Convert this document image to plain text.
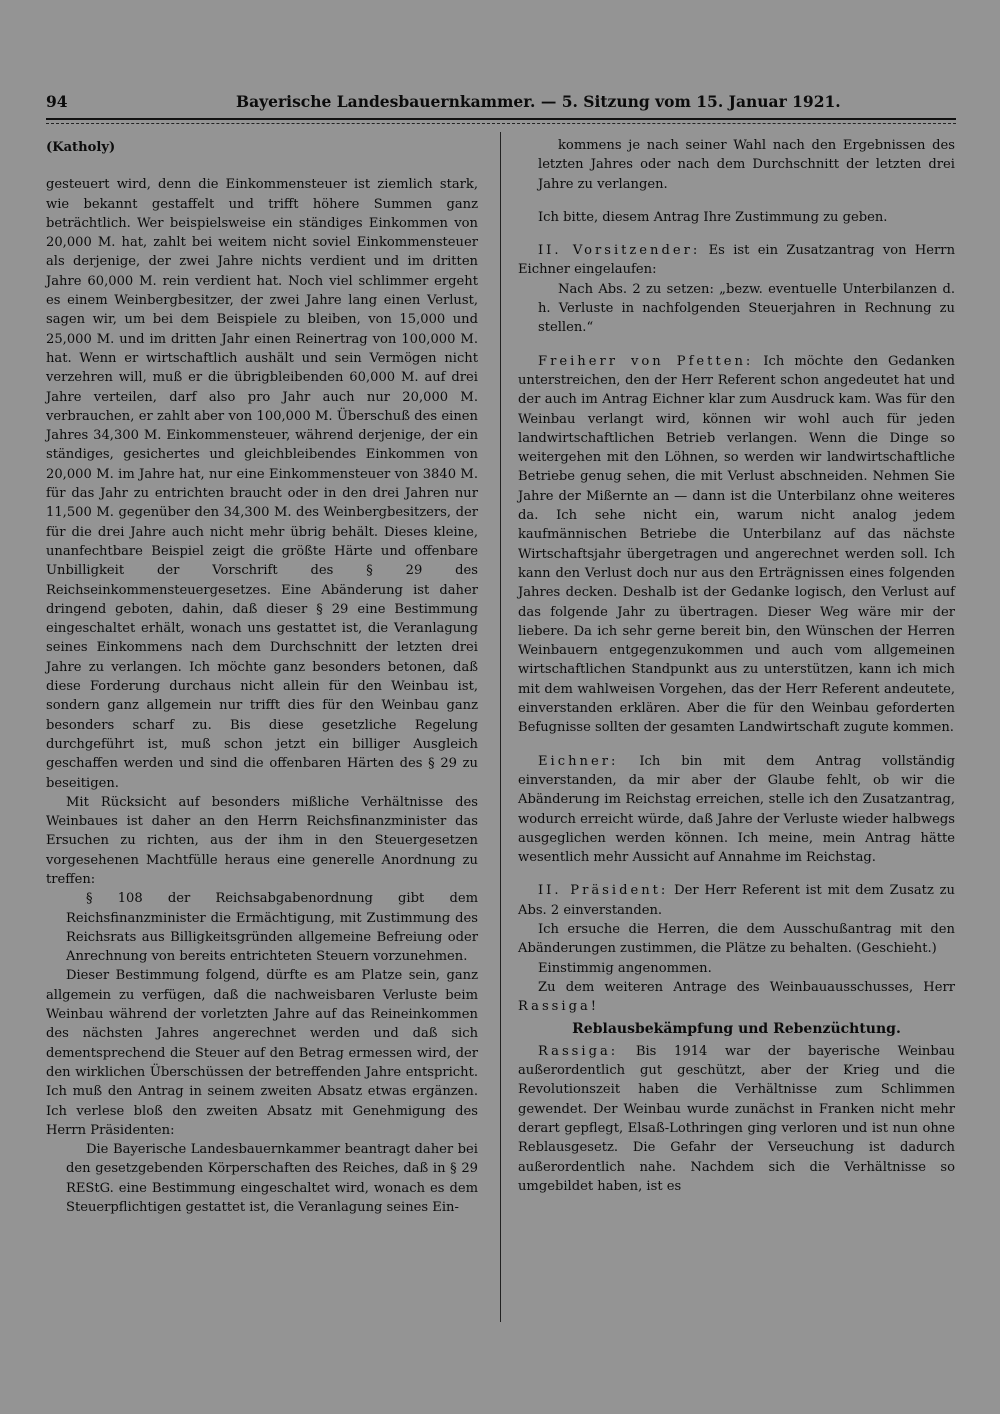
94	Bayerische Landesbauernkammer. — 5. Sitzung vom 15. Januar 1921.

(Katholy)

gesteuert wird, denn die Einkommensteuer ist ziemlich stark, wie bekannt gestaffelt und trifft höhere Summen ganz beträchtlich. Wer beispielsweise ein ständiges Einkommen von 20,000 M. hat, zahlt bei weitem nicht soviel Einkommensteuer als derjenige, der zwei Jahre nichts verdient und im dritten Jahre 60,000 M. rein verdient hat. Noch viel schlimmer ergeht es einem Weinbergbesitzer, der zwei Jahre lang einen Verlust, sagen wir, um bei dem Beispiele zu bleiben, von 15,000 und 25,000 M. und im dritten Jahr einen Reinertrag von 100,000 M. hat. Wenn er wirtschaftlich aushält und sein Vermögen nicht verzehren will, muß er die übrigbleibenden 60,000 M. auf drei Jahre verteilen, darf also pro Jahr auch nur 20,000 M. verbrauchen, er zahlt aber von 100,000 M. Überschuß des einen Jahres 34,300 M. Einkommensteuer, während derjenige, der ein ständiges, gesichertes und gleichbleibendes Einkommen von 20,000 M. im Jahre hat, nur eine Einkommensteuer von 3840 M. für das Jahr zu entrichten braucht oder in den drei Jahren nur 11,500 M. gegenüber den 34,300 M. des Weinbergbesitzers, der für die drei Jahre auch nicht mehr übrig behält. Dieses kleine, unanfechtbare Beispiel zeigt die größte Härte und offenbare Unbilligkeit der Vorschrift des § 29 des Reichseinkommensteuergesetzes. Eine Abänderung ist daher dringend geboten, dahin, daß dieser § 29 eine Bestimmung eingeschaltet erhält, wonach uns gestattet ist, die Veranlagung seines Einkommens nach dem Durchschnitt der letzten drei Jahre zu verlangen. Ich möchte ganz besonders betonen, daß diese Forderung durchaus nicht allein für den Weinbau ist, sondern ganz allgemein nur trifft dies für den Weinbau ganz besonders scharf zu. Bis diese gesetzliche Regelung durchgeführt ist, muß schon jetzt ein billiger Ausgleich geschaffen werden und sind die offenbaren Härten des § 29 zu beseitigen.

Mit Rücksicht auf besonders mißliche Verhältnisse des Weinbaues ist daher an den Herrn Reichsfinanzminister das Ersuchen zu richten, aus der ihm in den Steuergesetzen vorgesehenen Machtfülle heraus eine generelle Anordnung zu treffen:

§ 108 der Reichsabgabenordnung gibt dem Reichsfinanzminister die Ermächtigung, mit Zustimmung des Reichsrats aus Billigkeitsgründen allgemeine Befreiung oder Anrechnung von bereits entrichteten Steuern vorzunehmen.

Dieser Bestimmung folgend, dürfte es am Platze sein, ganz allgemein zu verfügen, daß die nachweisbaren Verluste beim Weinbau während der vorletzten Jahre auf das Reineinkommen des nächsten Jahres angerechnet werden und daß sich dementsprechend die Steuer auf den Betrag ermessen wird, der den wirklichen Überschüssen der betreffenden Jahre entspricht. Ich muß den Antrag in seinem zweiten Absatz etwas ergänzen. Ich verlese bloß den zweiten Absatz mit Genehmigung des Herrn Präsidenten:

Die Bayerische Landesbauernkammer beantragt daher bei den gesetzgebenden Körperschaften des Reiches, daß in § 29 REStG. eine Bestimmung eingeschaltet wird, wonach es dem Steuerpflichtigen gestattet ist, die Veranlagung seines Ein-

kommens je nach seiner Wahl nach den Ergebnissen des letzten Jahres oder nach dem Durchschnitt der letzten drei Jahre zu verlangen.

Ich bitte, diesem Antrag Ihre Zustimmung zu geben.

II. Vorsitzender: Es ist ein Zusatzantrag von Herrn Eichner eingelaufen:

Nach Abs. 2 zu setzen: „bezw. eventuelle Unterbilanzen d. h. Verluste in nachfolgenden Steuerjahren in Rechnung zu stellen.“

Freiherr von Pfetten: Ich möchte den Gedanken unterstreichen, den der Herr Referent schon angedeutet hat und der auch im Antrag Eichner klar zum Ausdruck kam. Was für den Weinbau verlangt wird, können wir wohl auch für jeden landwirtschaftlichen Betrieb verlangen. Wenn die Dinge so weitergehen mit den Löhnen, so werden wir landwirtschaftliche Betriebe genug sehen, die mit Verlust abschneiden. Nehmen Sie Jahre der Mißernte an — dann ist die Unterbilanz ohne weiteres da. Ich sehe nicht ein, warum nicht analog jedem kaufmännischen Betriebe die Unterbilanz auf das nächste Wirtschaftsjahr übergetragen und angerechnet werden soll. Ich kann den Verlust doch nur aus den Erträgnissen eines folgenden Jahres decken. Deshalb ist der Gedanke logisch, den Verlust auf das folgende Jahr zu übertragen. Dieser Weg wäre mir der liebere. Da ich sehr gerne bereit bin, den Wünschen der Herren Weinbauern entgegenzukommen und auch vom allgemeinen wirtschaftlichen Standpunkt aus zu unterstützen, kann ich mich mit dem wahlweisen Vorgehen, das der Herr Referent andeutete, einverstanden erklären. Aber die für den Weinbau geforderten Befugnisse sollten der gesamten Landwirtschaft zugute kommen.

Eichner: Ich bin mit dem Antrag vollständig einverstanden, da mir aber der Glaube fehlt, ob wir die Abänderung im Reichstag erreichen, stelle ich den Zusatzantrag, wodurch erreicht würde, daß Jahre der Verluste wieder halbwegs ausgeglichen werden können. Ich meine, mein Antrag hätte wesentlich mehr Aussicht auf Annahme im Reichstag.

II. Präsident: Der Herr Referent ist mit dem Zusatz zu Abs. 2 einverstanden.

Ich ersuche die Herren, die dem Ausschußantrag mit den Abänderungen zustimmen, die Plätze zu behalten. (Geschieht.)

Einstimmig angenommen.

Zu dem weiteren Antrage des Weinbauausschusses, Herr Rassiga!

Reblausbekämpfung und Rebenzüchtung.

Rassiga: Bis 1914 war der bayerische Weinbau außerordentlich gut geschützt, aber der Krieg und die Revolutionszeit haben die Verhältnisse zum Schlimmen gewendet. Der Weinbau wurde zunächst in Franken nicht mehr derart gepflegt, Elsaß-Lothringen ging verloren und ist nun ohne Reblausgesetz. Die Gefahr der Verseuchung ist dadurch außerordentlich nahe. Nachdem sich die Verhältnisse so umgebildet haben, ist es
